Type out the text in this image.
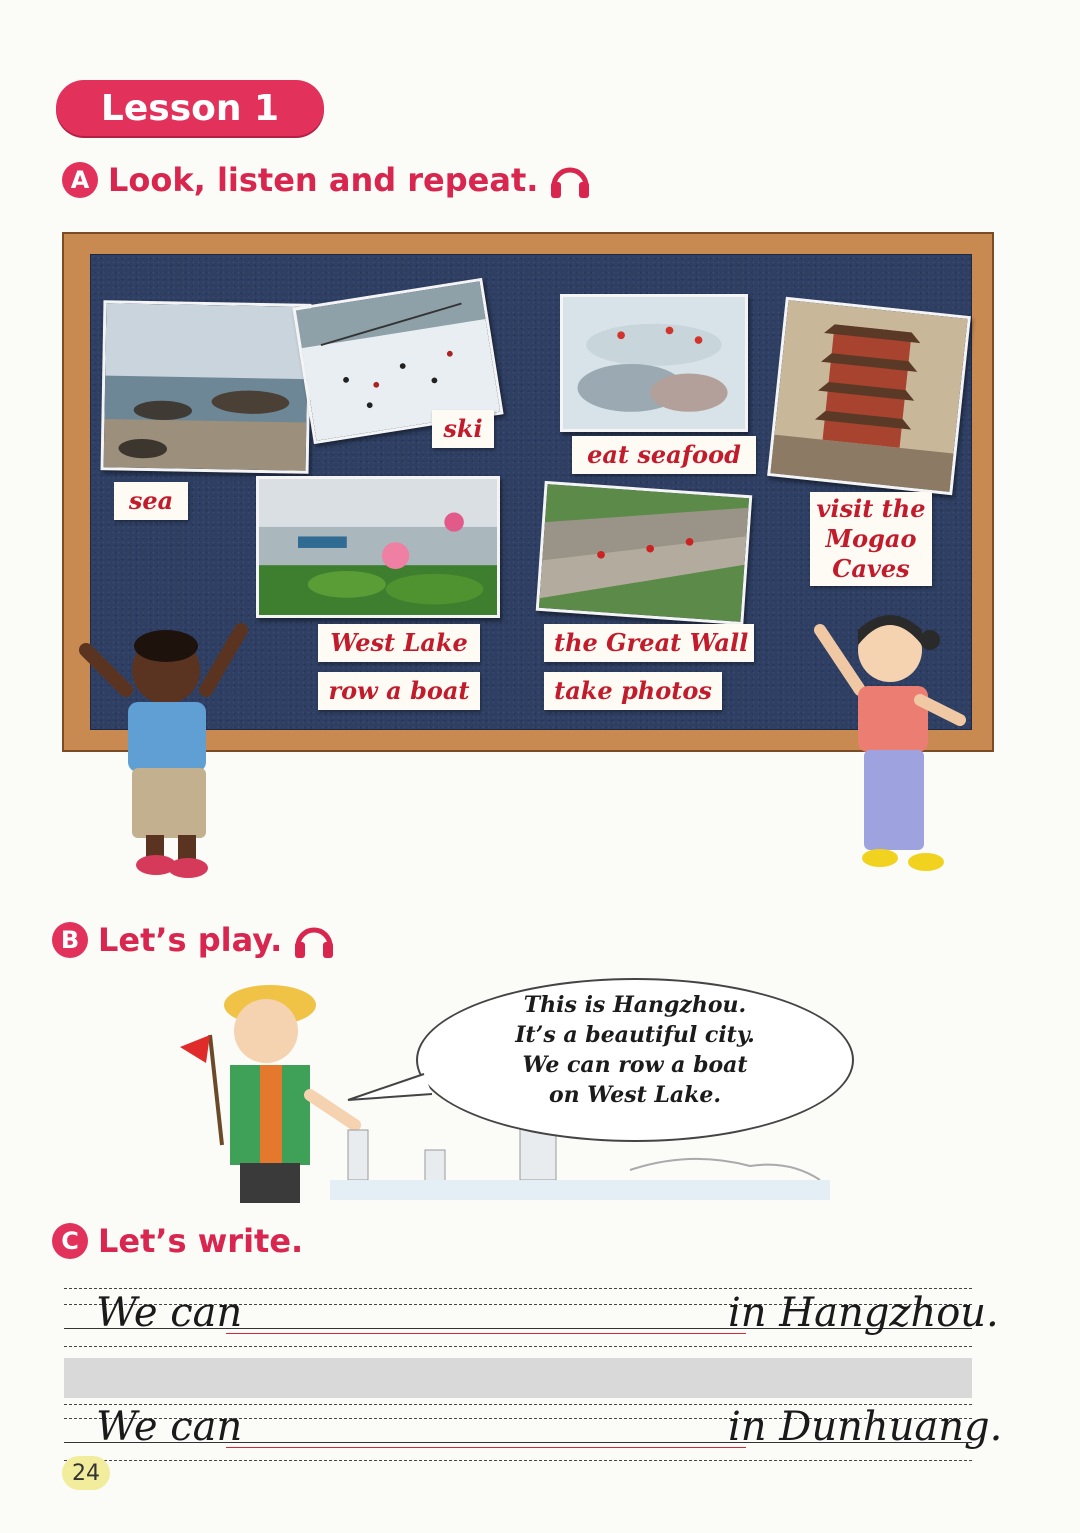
Lesson 1
A Look, listen and repeat.
sea
ski
eat seafood
visit the
Mogao
Caves
West Lake
row a boat
the Great Wall
take photos
B Let’s play.
This is Hangzhou.
It’s a beautiful city.
We can row a boat
on West Lake.
C Let’s write.
We can	in Hangzhou.
We can	in Dunhuang.
24
